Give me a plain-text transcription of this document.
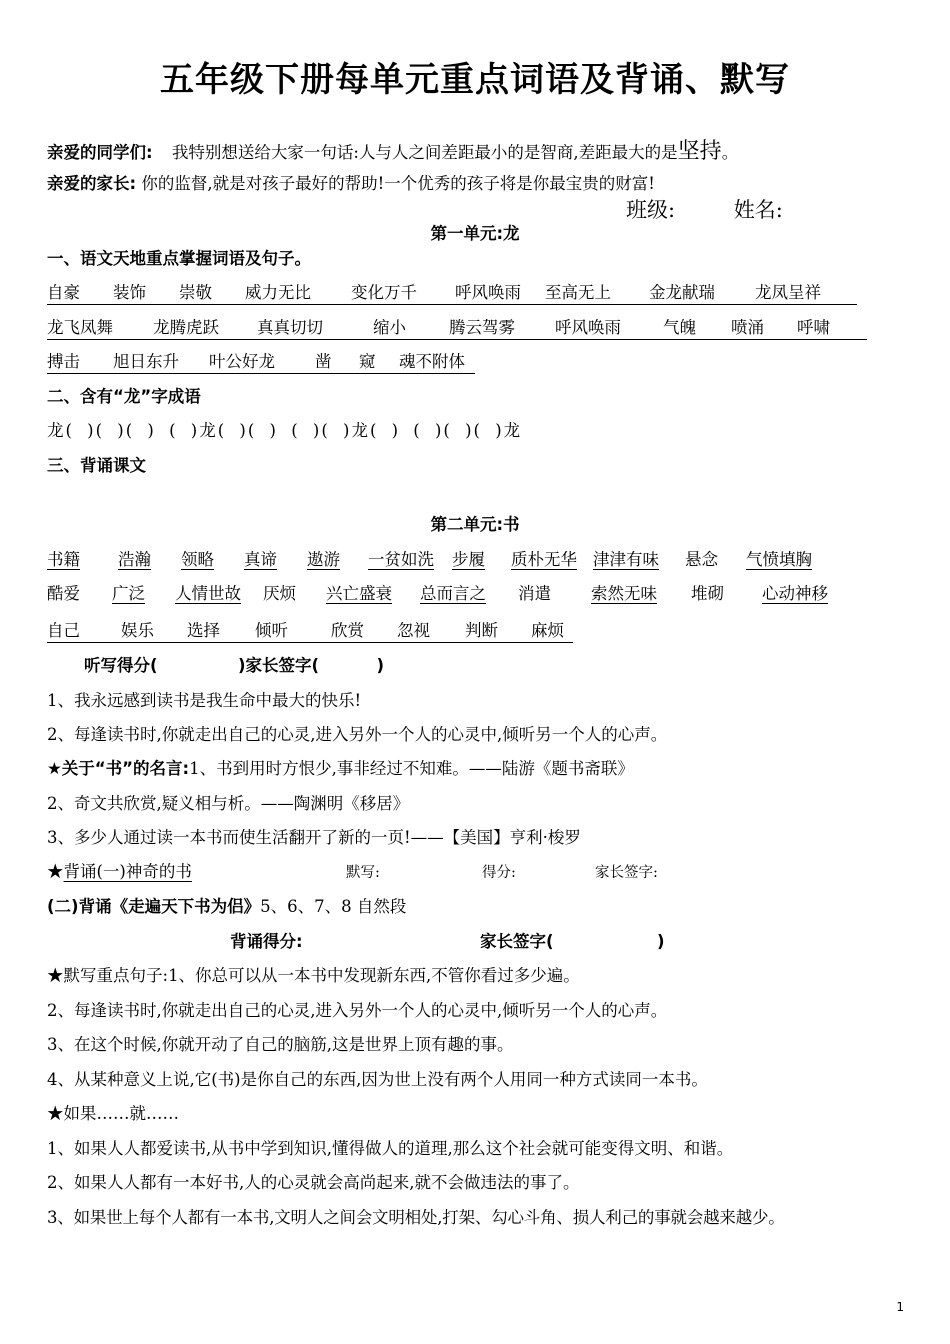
五年级下册每单元重点词语及背诵、默写
亲爱的同学们: 我特别想送给大家一句话:人与人之间差距最小的是智商,差距最大的是坚持。
亲爱的家长: 你的监督,就是对孩子最好的帮助!一个优秀的孩子将是你最宝贵的财富!
班级:	姓名:
第一单元:龙
一、语文天地重点掌握词语及句子。
自豪 装饰 崇敬 威力无比 变化万千 呼风唤雨 至高无上 金龙献瑞 龙凤呈祥
龙飞凤舞 龙腾虎跃 真真切切	缩小	腾云驾雾 呼风唤雨	气魄 喷涌 呼啸
搏击 旭日东升 叶公好龙 凿 窥 魂不附体
二、含有“龙”字成语
龙( )( )( ) ( )龙( )( ) ( )( )龙( ) ( )( )( )龙
三、背诵课文
第二单元:书
书籍 浩瀚 领略 真谛 遨游 一贫如洗 步履 质朴无华 津津有味 悬念 气愤填胸
酷爱 广泛 人情世故 厌烦 兴亡盛衰 总而言之 消遣 索然无味 堆砌 心动神移
自己 娱乐 选择 倾听	欣赏 忽视 判断 麻烦
听写得分(              )家长签字(          )
1、我永远感到读书是我生命中最大的快乐!
2、每逢读书时,你就走出自己的心灵,进入另外一个人的心灵中,倾听另一个人的心声。
★关于“书”的名言:1、书到用时方恨少,事非经过不知难。——陆游《题书斋联》
2、奇文共欣赏,疑义相与析。——陶渊明《移居》
3、多少人通过读一本书而使生活翻开了新的一页!——【美国】亨利·梭罗
★背诵(一)神奇的书	默写:	得分:	家长签字:
(二)背诵《走遍天下书为侣》5、6、7、8 自然段
背诵得分:	家长签字(                  )
★默写重点句子:1、你总可以从一本书中发现新东西,不管你看过多少遍。
2、每逢读书时,你就走出自己的心灵,进入另外一个人的心灵中,倾听另一个人的心声。
3、在这个时候,你就开动了自己的脑筋,这是世界上顶有趣的事。
4、从某种意义上说,它(书)是你自己的东西,因为世上没有两个人用同一种方式读同一本书。
★如果……就……
1、如果人人都爱读书,从书中学到知识,懂得做人的道理,那么这个社会就可能变得文明、和谐。
2、如果人人都有一本好书,人的心灵就会高尚起来,就不会做违法的事了。
3、如果世上每个人都有一本书,文明人之间会文明相处,打架、勾心斗角、损人利己的事就会越来越少。
1
